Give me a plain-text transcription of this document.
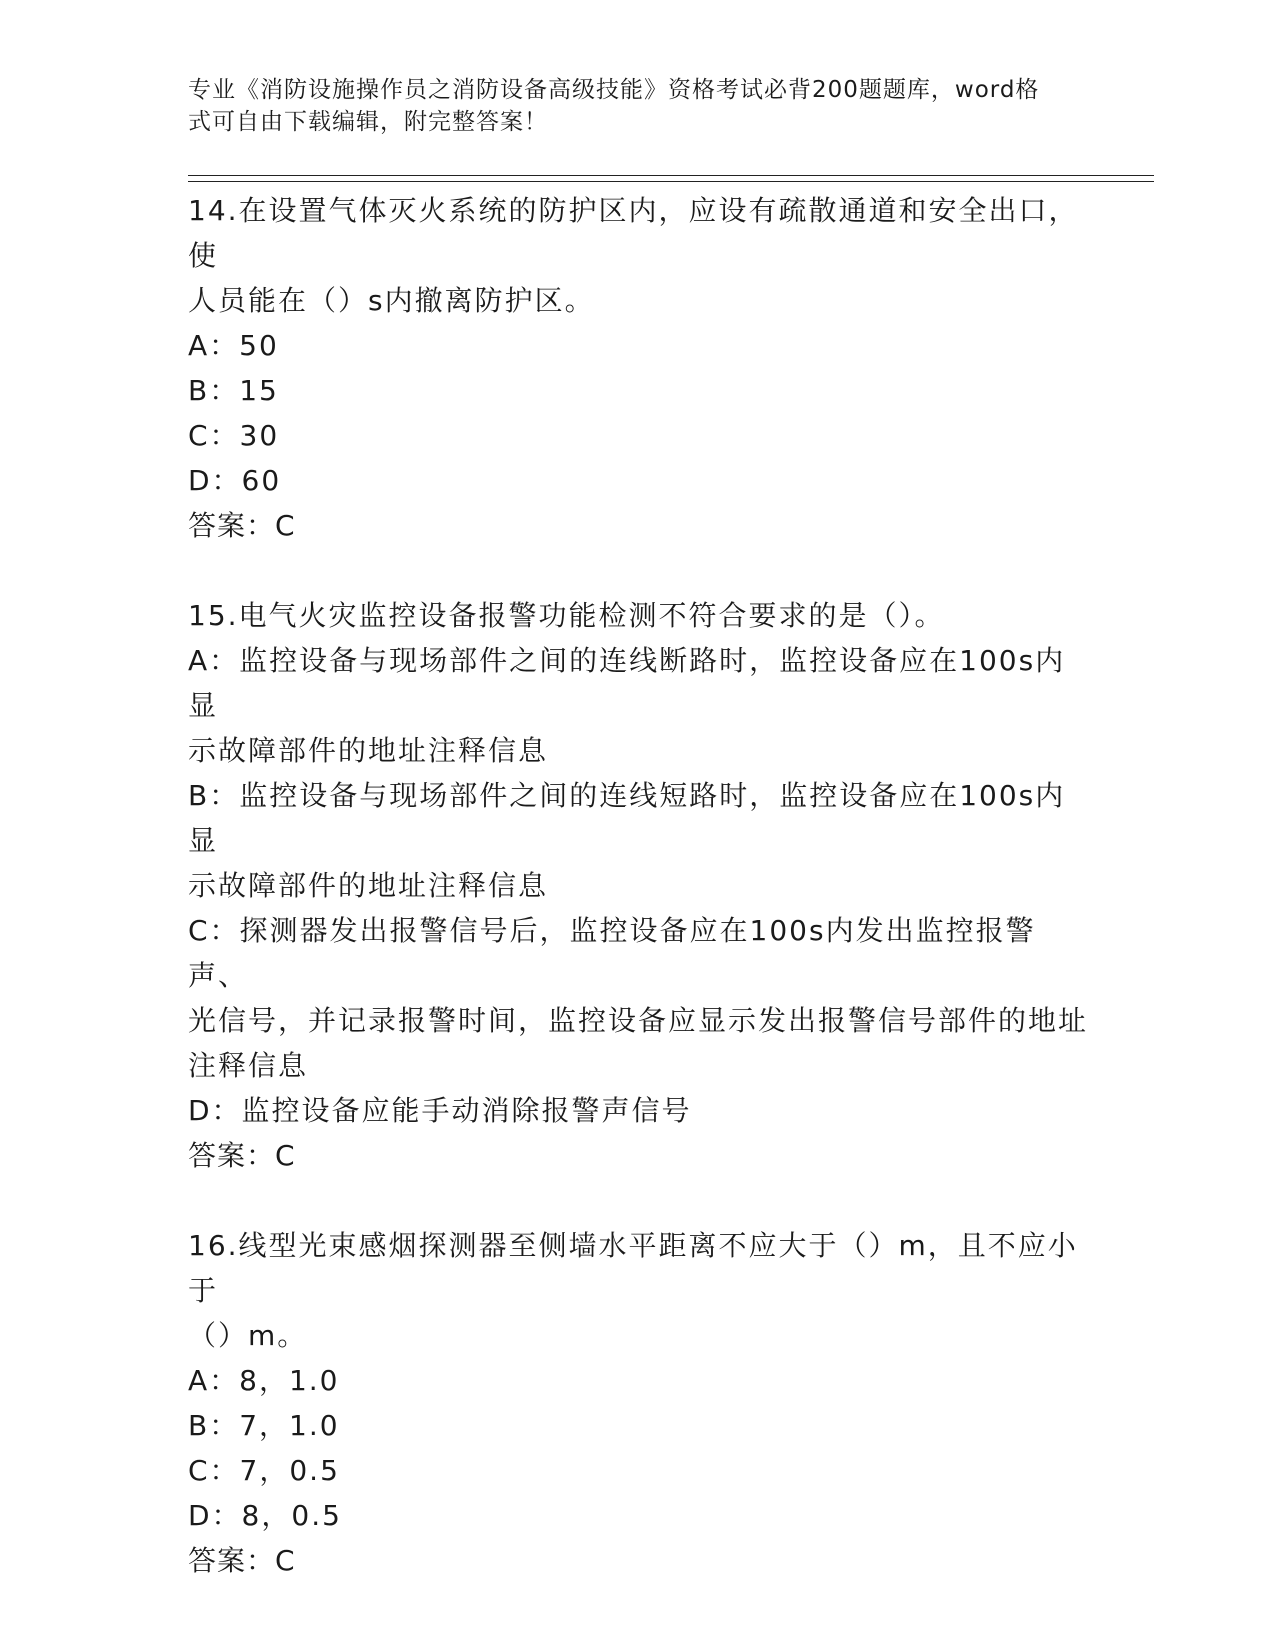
专业《消防设施操作员之消防设备高级技能》资格考试必背200题题库，word格

式可自由下载编辑，附完整答案！

14.在设置气体灭火系统的防护区内，应设有疏散通道和安全出口，使

人员能在（）s内撤离防护区。

A：50

B：15

C：30

D：60

答案：C

15.电气火灾监控设备报警功能检测不符合要求的是（）。

A：监控设备与现场部件之间的连线断路时，监控设备应在100s内显

示故障部件的地址注释信息

B：监控设备与现场部件之间的连线短路时，监控设备应在100s内显

示故障部件的地址注释信息

C：探测器发出报警信号后，监控设备应在100s内发出监控报警声、

光信号，并记录报警时间，监控设备应显示发出报警信号部件的地址

注释信息

D：监控设备应能手动消除报警声信号

答案：C

16.线型光束感烟探测器至侧墙水平距离不应大于（）m，且不应小于

（）m。

A：8，1.0

B：7，1.0

C：7，0.5

D：8，0.5

答案：C
